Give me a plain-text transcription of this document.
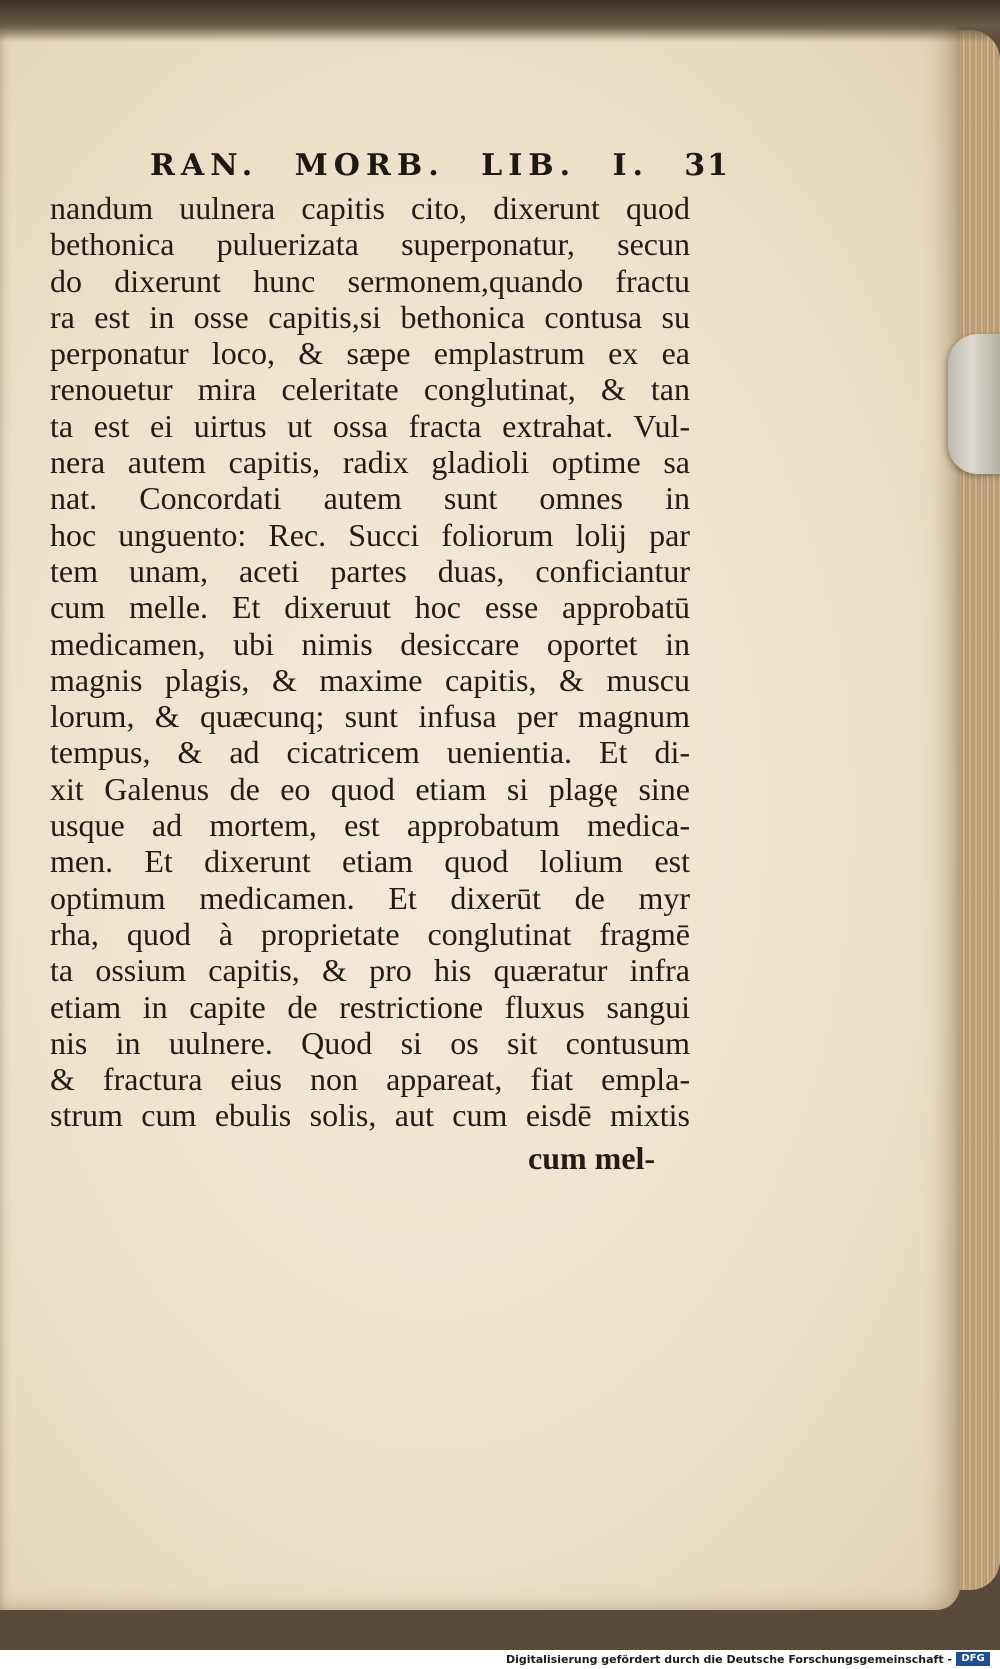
RAN. MORB. LIB. I. 31
nandum uulnera capitis cito, dixerunt quod
bethonica puluerizata superponatur, secun
do dixerunt hunc sermonem,quando fractu
ra est in osse capitis,si bethonica contusa su
perponatur loco, & sæpe emplastrum ex ea
renouetur mira celeritate conglutinat, & tan
ta est ei uirtus ut ossa fracta extrahat. Vul-
nera autem capitis, radix gladioli optime sa
nat. Concordati autem sunt omnes in
hoc unguento: Rec. Succi foliorum lolij par
tem unam, aceti partes duas, conficiantur
cum melle. Et dixeruut hoc esse approbatū
medicamen, ubi nimis desiccare oportet in
magnis plagis, & maxime capitis, & muscu
lorum, & quæcunq; sunt infusa per magnum
tempus, & ad cicatricem uenientia. Et di-
xit Galenus de eo quod etiam si plagę sine
usque ad mortem, est approbatum medica-
men. Et dixerunt etiam quod lolium est
optimum medicamen. Et dixerūt de myr
rha, quod à proprietate conglutinat fragmē
ta ossium capitis, & pro his quæratur infra
etiam in capite de restrictione fluxus sangui
nis in uulnere. Quod si os sit contusum
& fractura eius non appareat, fiat empla-
strum cum ebulis solis, aut cum eisdē mixtis
cum mel-
Digitalisierung gefördert durch die Deutsche Forschungsgemeinschaft - DFG
